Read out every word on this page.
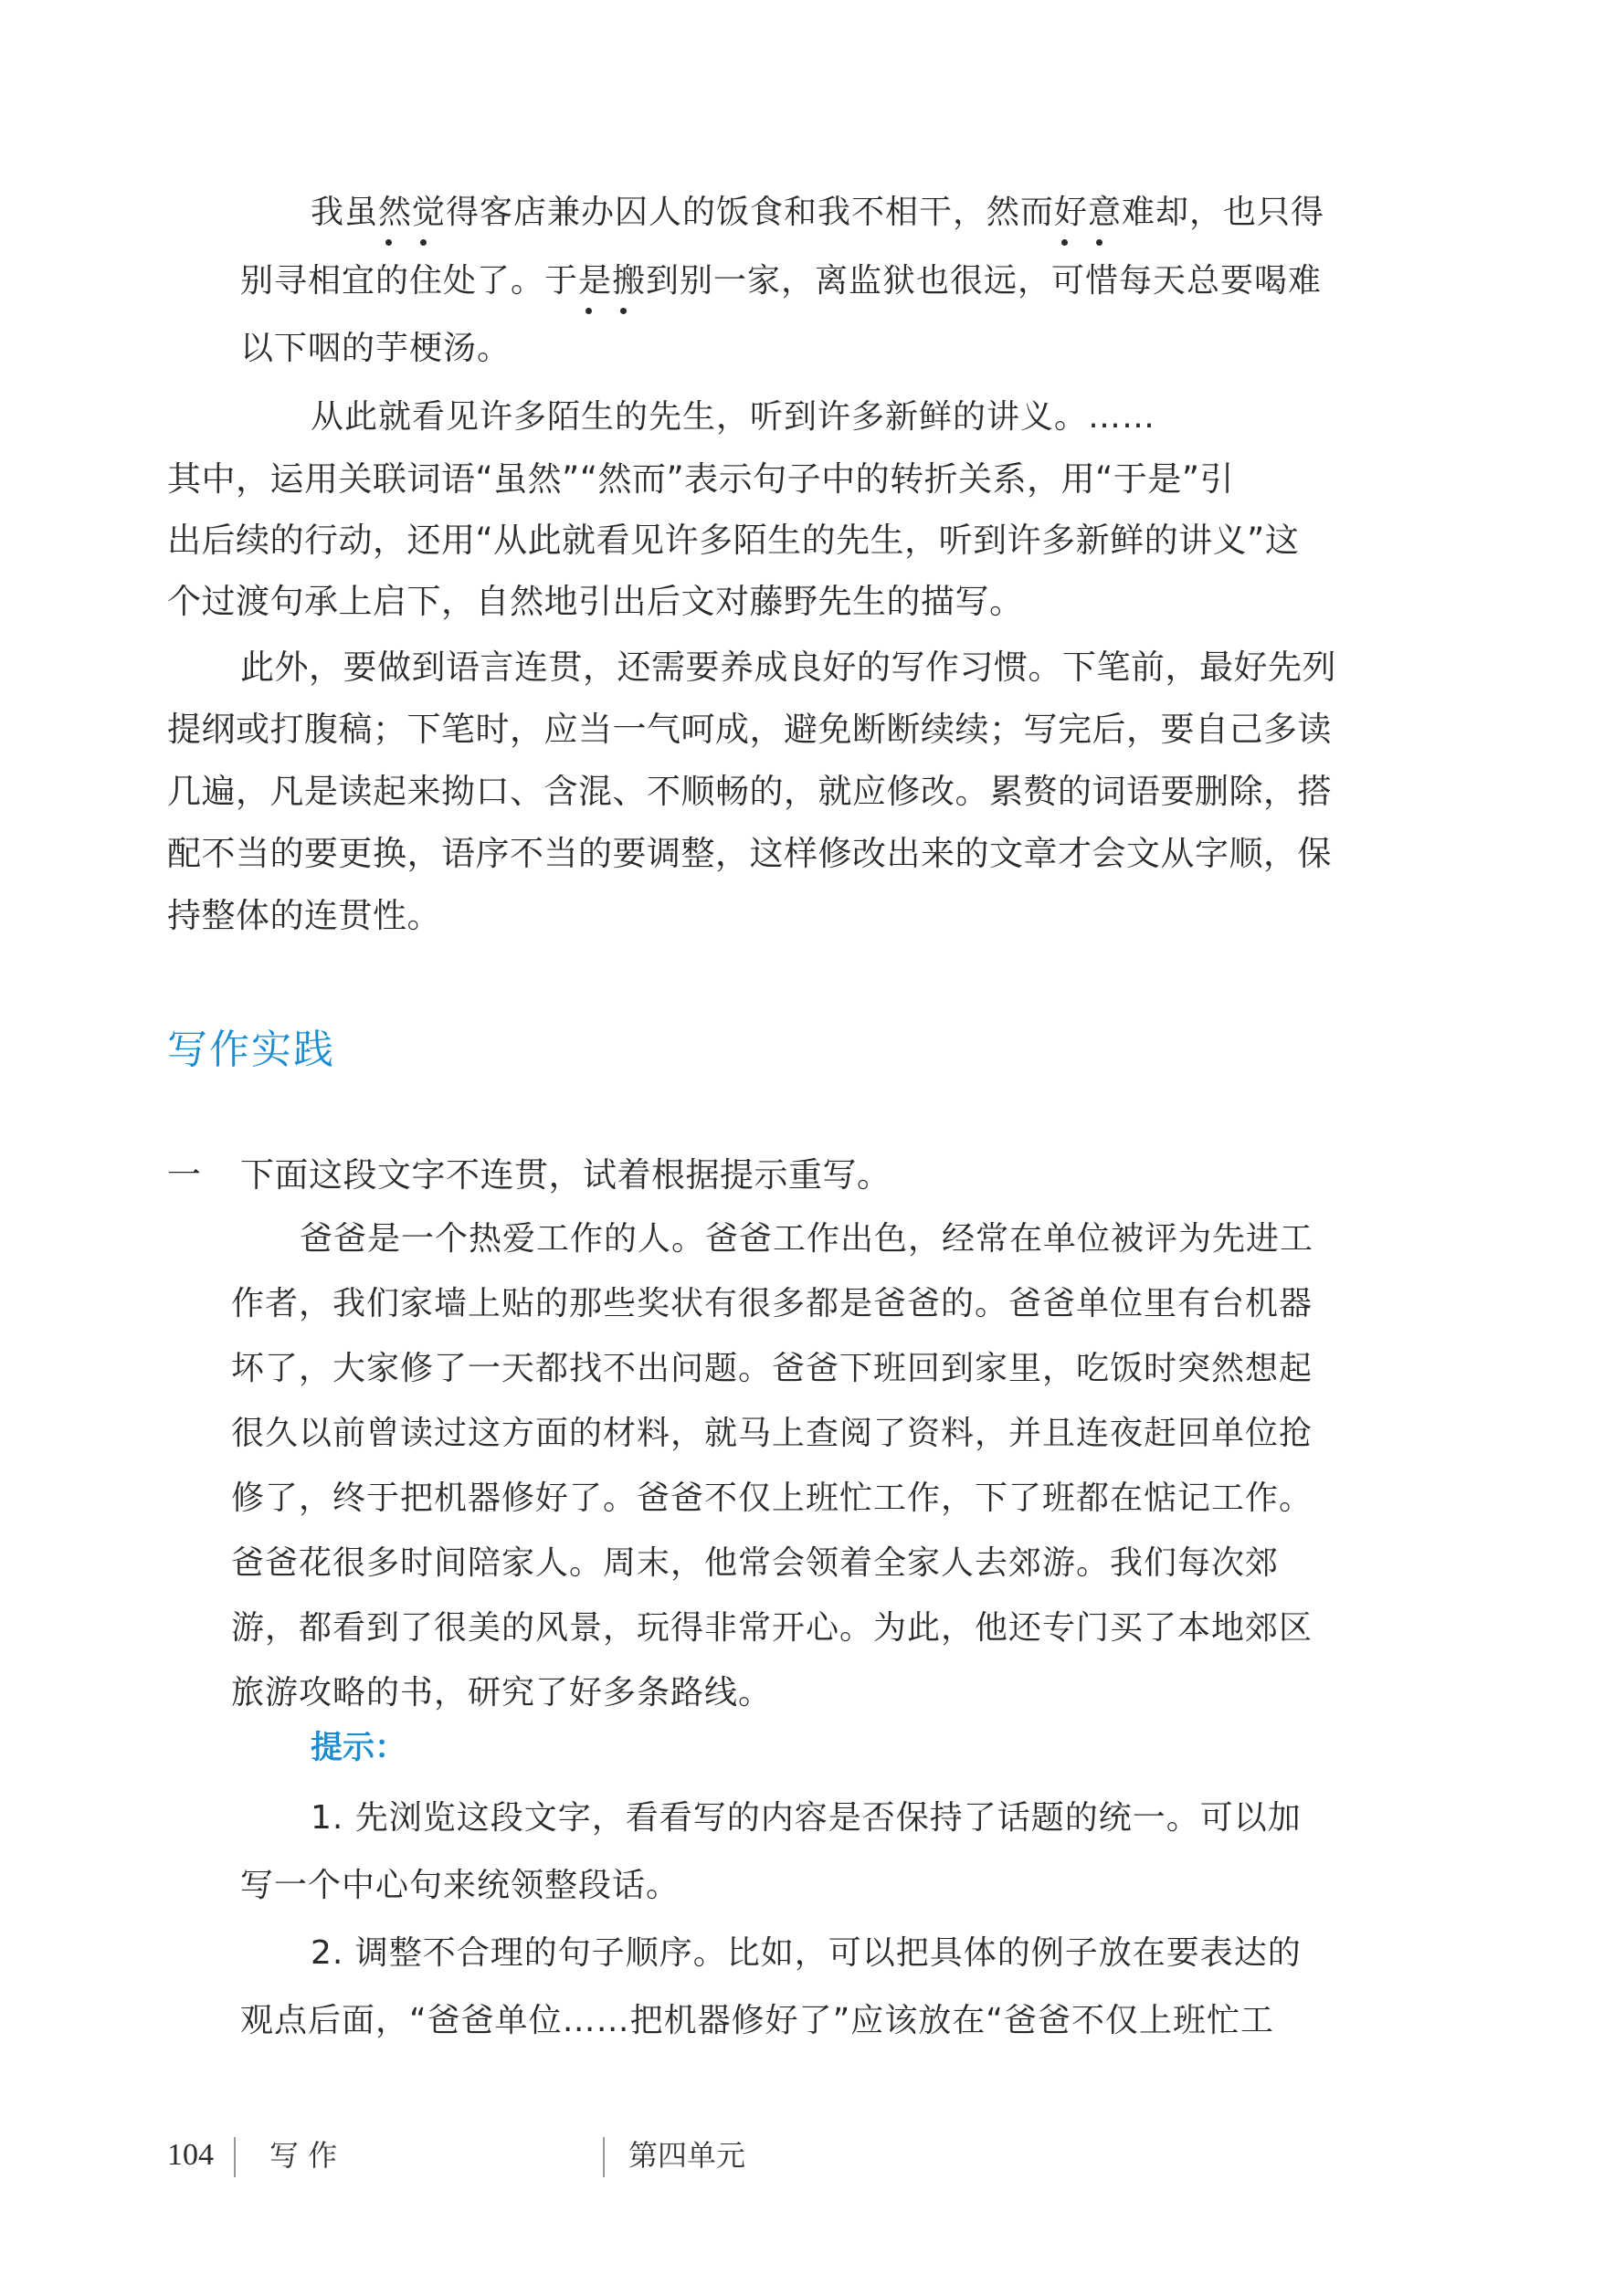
我虽然觉得客店兼办囚人的饭食和我不相干，然而好意难却，也只得

别寻相宜的住处了。于是搬到别一家，离监狱也很远，可惜每天总要喝难

以下咽的芋梗汤。

从此就看见许多陌生的先生，听到许多新鲜的讲义。……

其中，运用关联词语“虽然”“然而”表示句子中的转折关系，用“于是”引

出后续的行动，还用“从此就看见许多陌生的先生，听到许多新鲜的讲义”这

个过渡句承上启下，自然地引出后文对藤野先生的描写。

此外，要做到语言连贯，还需要养成良好的写作习惯。下笔前，最好先列

提纲或打腹稿；下笔时，应当一气呵成，避免断断续续；写完后，要自己多读

几遍，凡是读起来拗口、含混、不顺畅的，就应修改。累赘的词语要删除，搭

配不当的要更换，语序不当的要调整，这样修改出来的文章才会文从字顺，保

持整体的连贯性。

写作实践
一 下面这段文字不连贯，试着根据提示重写。

爸爸是一个热爱工作的人。爸爸工作出色，经常在单位被评为先进工

作者，我们家墙上贴的那些奖状有很多都是爸爸的。爸爸单位里有台机器

坏了，大家修了一天都找不出问题。爸爸下班回到家里，吃饭时突然想起

很久以前曾读过这方面的材料，就马上查阅了资料，并且连夜赶回单位抢

修了，终于把机器修好了。爸爸不仅上班忙工作，下了班都在惦记工作。

爸爸花很多时间陪家人。周末，他常会领着全家人去郊游。我们每次郊

游，都看到了很美的风景，玩得非常开心。为此，他还专门买了本地郊区

旅游攻略的书，研究了好多条路线。

提示：

1. 先浏览这段文字，看看写的内容是否保持了话题的统一。可以加

写一个中心句来统领整段话。

2. 调整不合理的句子顺序。比如，可以把具体的例子放在要表达的

观点后面，“爸爸单位……把机器修好了”应该放在“爸爸不仅上班忙工

104 写 作	第四单元
